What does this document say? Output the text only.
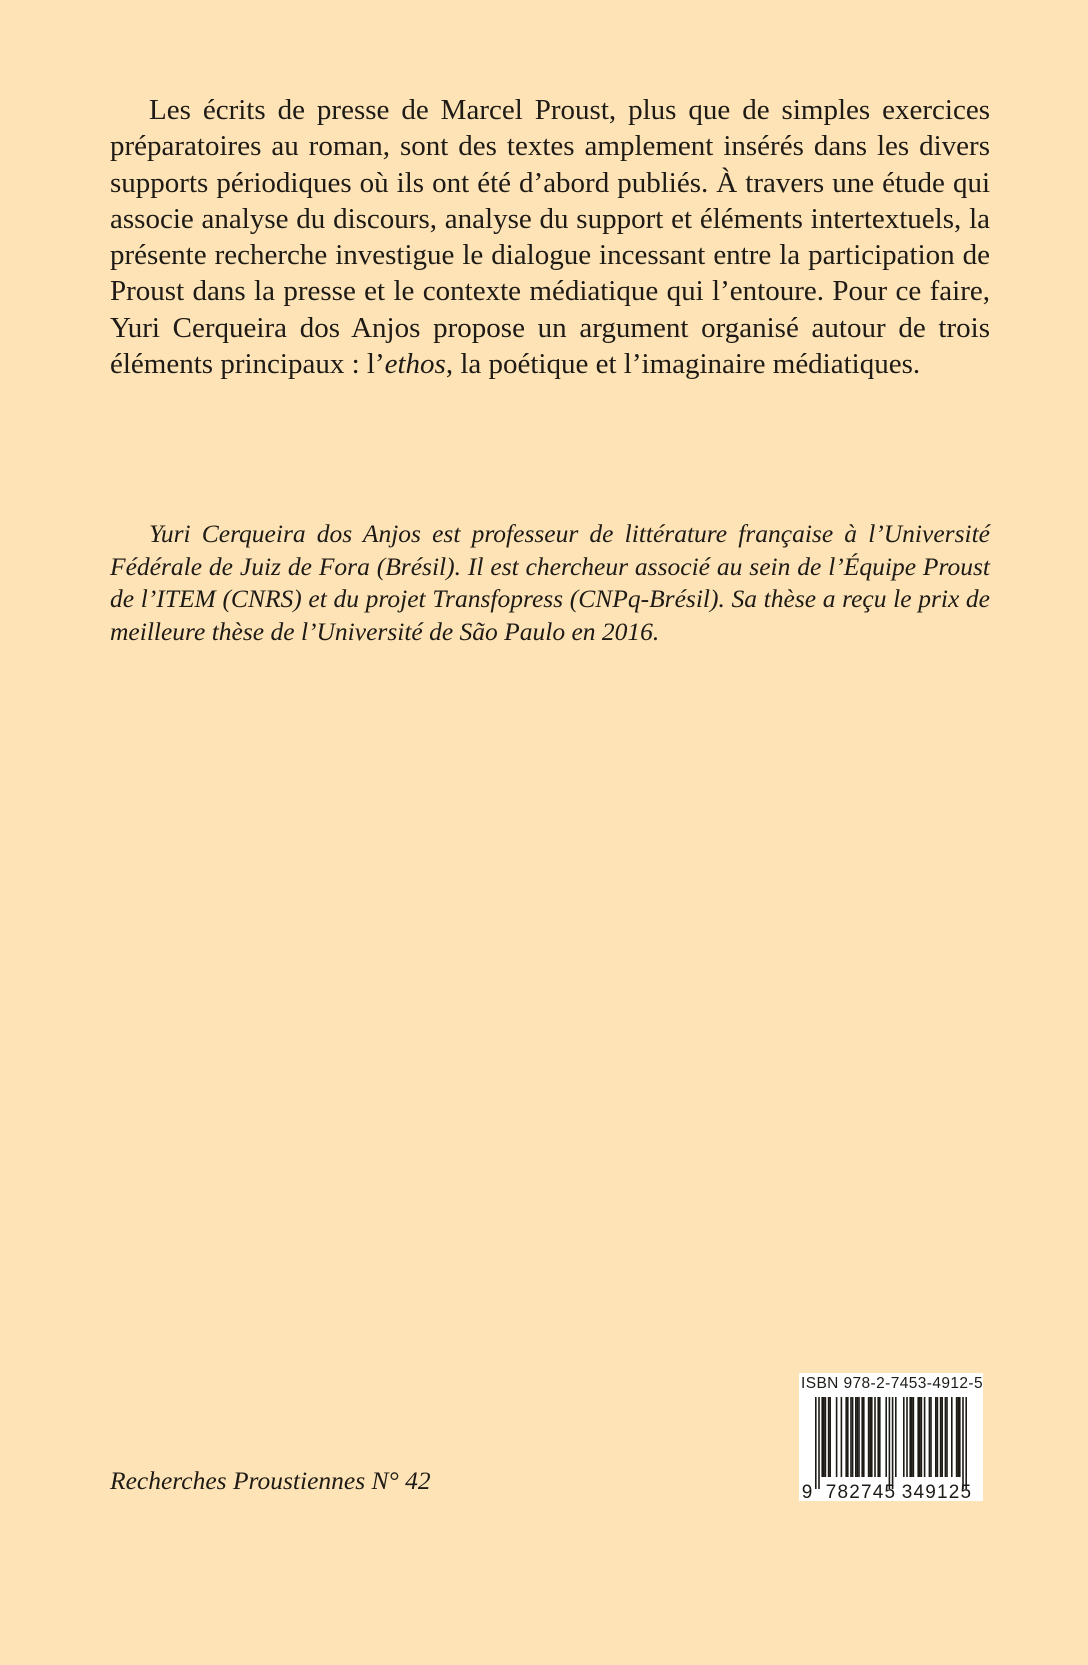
Les écrits de presse de Marcel Proust, plus que de simples exercices préparatoires au roman, sont des textes amplement insérés dans les divers supports périodiques où ils ont été d’abord publiés. À travers une étude qui associe analyse du discours, analyse du support et éléments intertextuels, la présente recherche investigue le dialogue incessant entre la participation de Proust dans la presse et le contexte médiatique qui l’entoure. Pour ce faire, Yuri Cerqueira dos Anjos propose un argument organisé autour de trois éléments principaux : l’ethos, la poétique et l’imaginaire médiatiques.

Yuri Cerqueira dos Anjos est professeur de littérature française à l’Université Fédérale de Juiz de Fora (Brésil). Il est chercheur associé au sein de l’Équipe Proust de l’ITEM (CNRS) et du projet Transfopress (CNPq-Brésil). Sa thèse a reçu le prix de meilleure thèse de l’Université de São Paulo en 2016.

Recherches Proustiennes N° 42

ISBN 978-2-7453-4912-5
9 782745 349125
